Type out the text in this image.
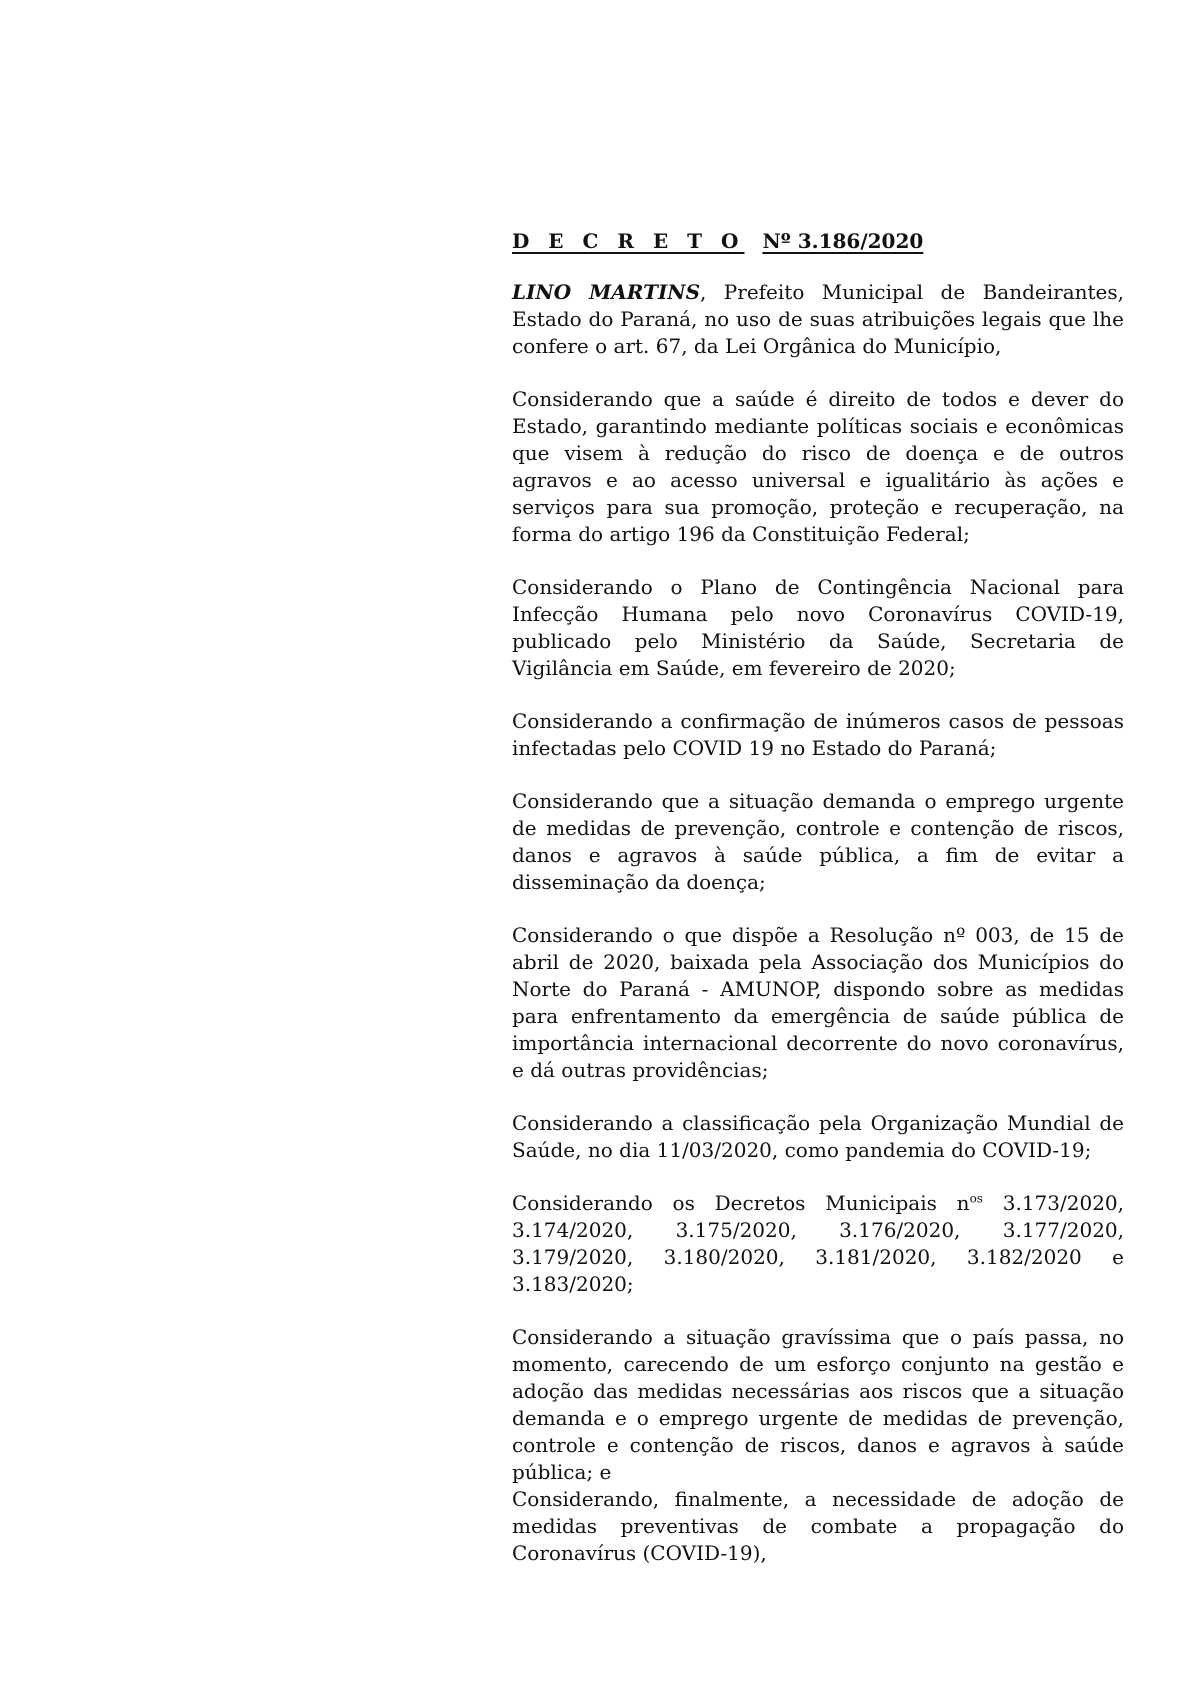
D E C R E T O Nº 3.186/2020

LINO MARTINS, Prefeito Municipal de Bandeirantes, Estado do Paraná, no uso de suas atribuições legais que lhe confere o art. 67, da Lei Orgânica do Município,

Considerando que a saúde é direito de todos e dever do Estado, garantindo mediante políticas sociais e econômicas que visem à redução do risco de doença e de outros agravos e ao acesso universal e igualitário às ações e serviços para sua promoção, proteção e recuperação, na forma do artigo 196 da Constituição Federal;

Considerando o Plano de Contingência Nacional para Infecção Humana pelo novo Coronavírus COVID-19, publicado pelo Ministério da Saúde, Secretaria de Vigilância em Saúde, em fevereiro de 2020;

Considerando a confirmação de inúmeros casos de pessoas infectadas pelo COVID 19 no Estado do Paraná;

Considerando que a situação demanda o emprego urgente de medidas de prevenção, controle e contenção de riscos, danos e agravos à saúde pública, a fim de evitar a disseminação da doença;

Considerando o que dispõe a Resolução nº 003, de 15 de abril de 2020, baixada pela Associação dos Municípios do Norte do Paraná - AMUNOP, dispondo sobre as medidas para enfrentamento da emergência de saúde pública de importância internacional decorrente do novo coronavírus, e dá outras providências;

Considerando a classificação pela Organização Mundial de Saúde, no dia 11/03/2020, como pandemia do COVID-19;

Considerando os Decretos Municipais $n^{os}$ 3.173/2020, 3.174/2020, 3.175/2020, 3.176/2020, 3.177/2020, 3.179/2020, 3.180/2020, 3.181/2020, 3.182/2020 e 3.183/2020;

Considerando a situação gravíssima que o país passa, no momento, carecendo de um esforço conjunto na gestão e adoção das medidas necessárias aos riscos que a situação demanda e o emprego urgente de medidas de prevenção, controle e contenção de riscos, danos e agravos à saúde pública; e

Considerando, finalmente, a necessidade de adoção de medidas preventivas de combate a propagação do Coronavírus (COVID-19),
